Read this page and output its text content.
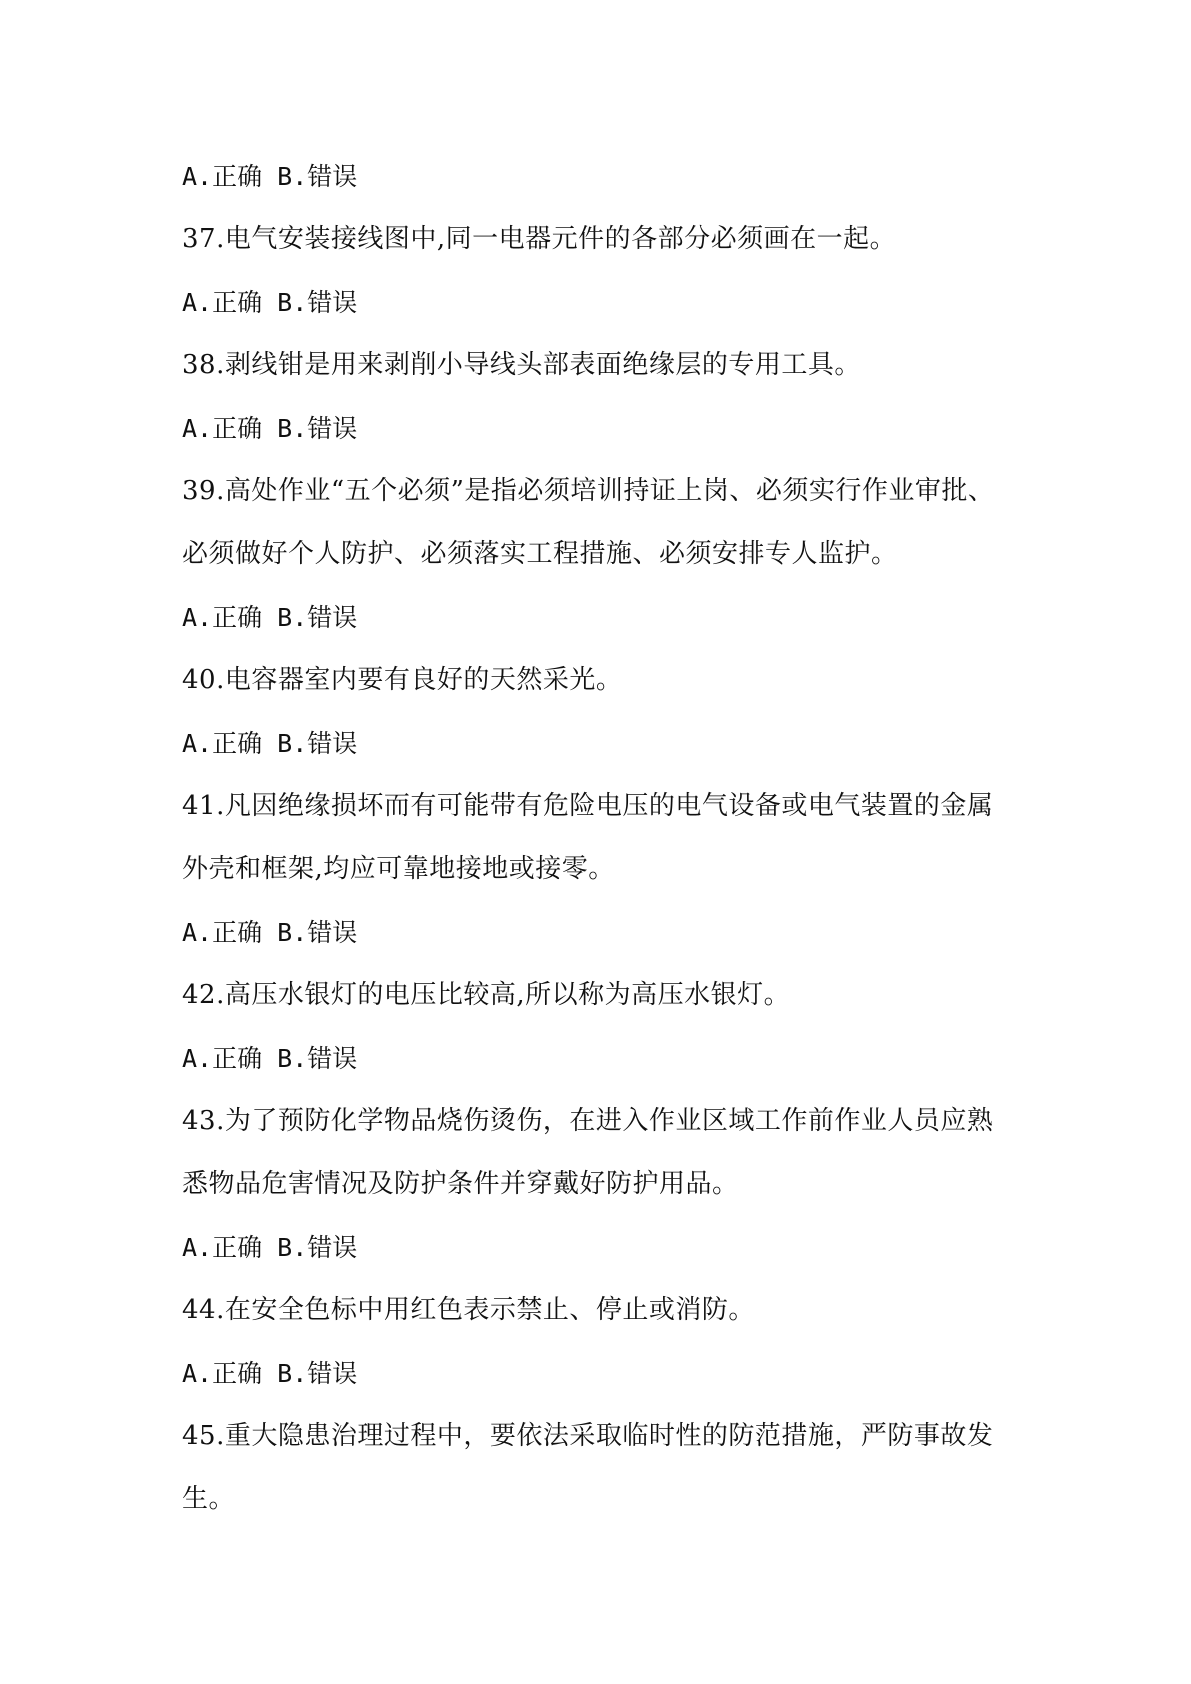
A.正确 B.错误
37.电气安装接线图中,同一电器元件的各部分必须画在一起。
A.正确 B.错误
38.剥线钳是用来剥削小导线头部表面绝缘层的专用工具。
A.正确 B.错误
39.高处作业“五个必须”是指必须培训持证上岗、必须实行作业审批、
必须做好个人防护、必须落实工程措施、必须安排专人监护。
A.正确 B.错误
40.电容器室内要有良好的天然采光。
A.正确 B.错误
41.凡因绝缘损坏而有可能带有危险电压的电气设备或电气装置的金属
外壳和框架,均应可靠地接地或接零。
A.正确 B.错误
42.高压水银灯的电压比较高,所以称为高压水银灯。
A.正确 B.错误
43.为了预防化学物品烧伤烫伤，在进入作业区域工作前作业人员应熟
悉物品危害情况及防护条件并穿戴好防护用品。
A.正确 B.错误
44.在安全色标中用红色表示禁止、停止或消防。
A.正确 B.错误
45.重大隐患治理过程中，要依法采取临时性的防范措施，严防事故发
生。
